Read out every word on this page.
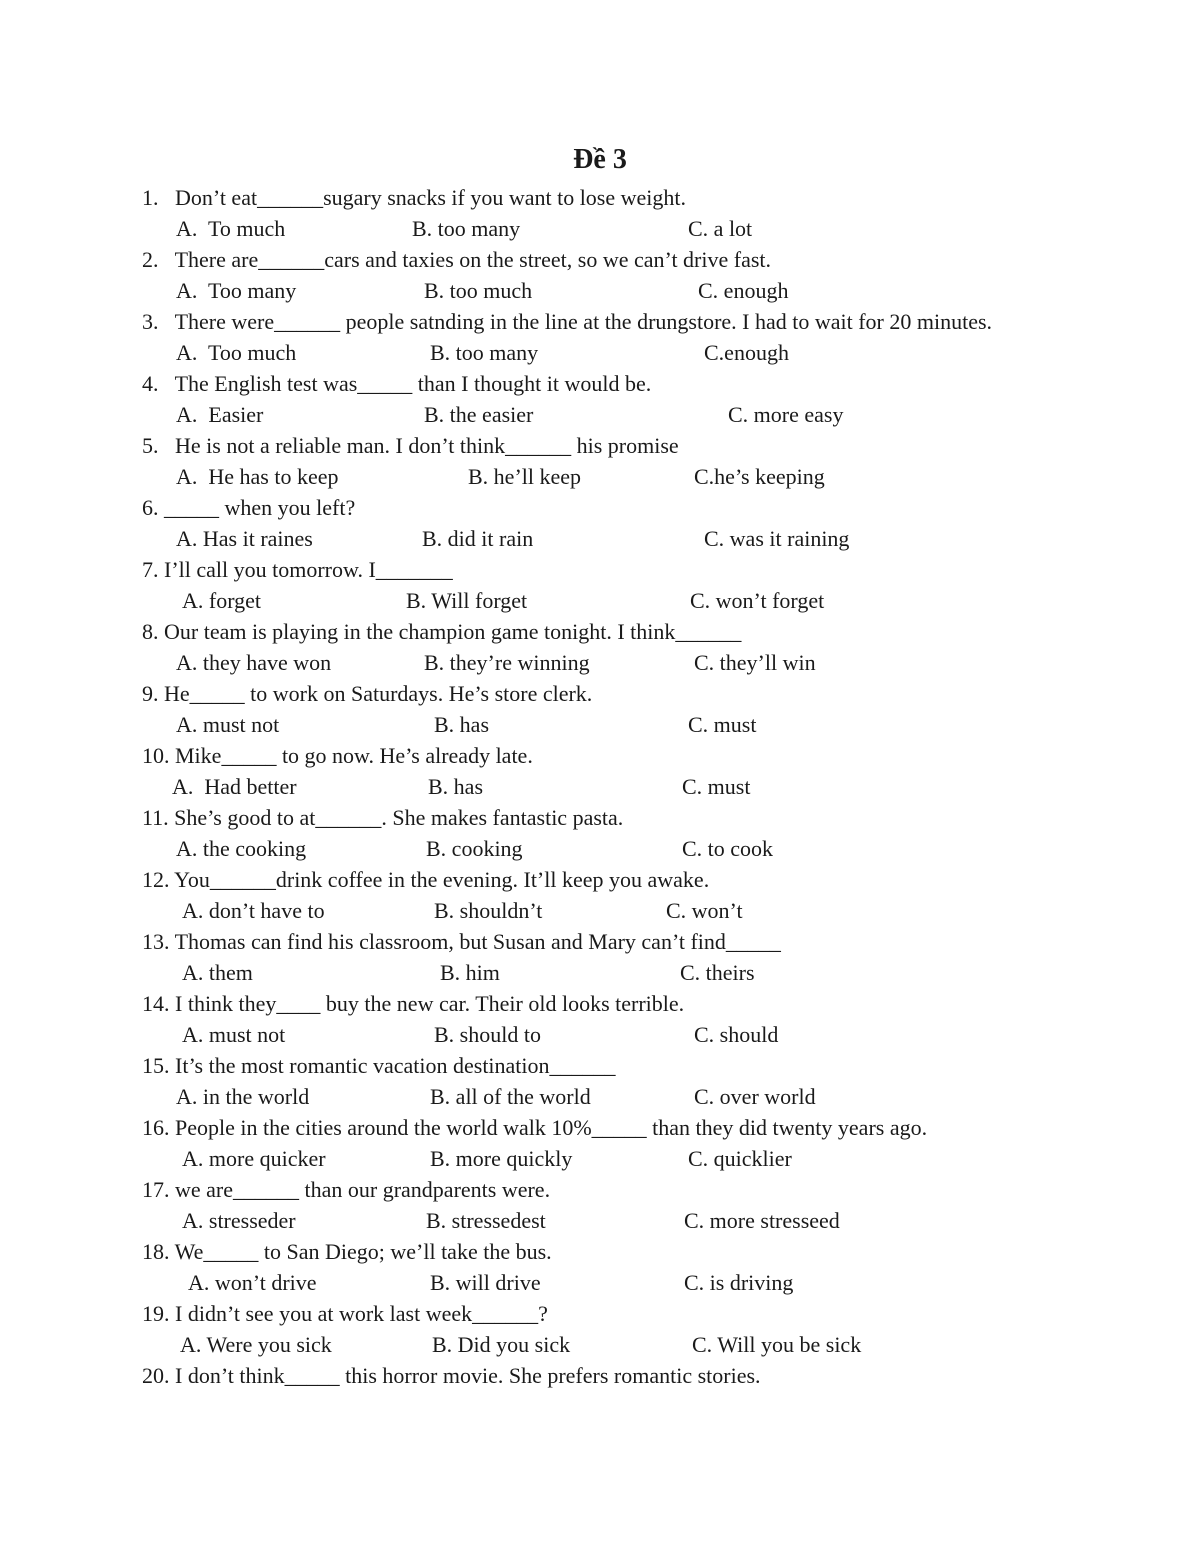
Đề 3
1.   Don’t eat______sugary snacks if you want to lose weight.
A.  To much	B. too many	C. a lot
2.   There are______cars and taxies on the street, so we can’t drive fast.
A.  Too many	B. too much	C. enough
3.   There were______ people satnding in the line at the drungstore. I had to wait for 20 minutes.
A.  Too much	B. too many	C.enough
4.   The English test was_____ than I thought it would be.
A.  Easier	B. the easier	C. more easy
5.   He is not a reliable man. I don’t think______ his promise
A.  He has to keep	B. he’ll keep	C.he’s keeping
6. _____ when you left?
A. Has it raines	B. did it rain	C. was it raining
7. I’ll call you tomorrow. I_______
A. forget	B. Will forget	C. won’t forget
8. Our team is playing in the champion game tonight. I think______
A. they have won	B. they’re winning	C. they’ll win
9. He_____ to work on Saturdays. He’s store clerk.
A. must not	B. has	C. must
10. Mike_____ to go now. He’s already late.
A.  Had better	B. has	C. must
11. She’s good to at______. She makes fantastic pasta.
A. the cooking	B. cooking	C. to cook
12. You______drink coffee in the evening. It’ll keep you awake.
A. don’t have to	B. shouldn’t	C. won’t
13. Thomas can find his classroom, but Susan and Mary can’t find_____
A. them	B. him	C. theirs
14. I think they____ buy the new car. Their old looks terrible.
A. must not	B. should to	C. should
15. It’s the most romantic vacation destination______
A. in the world	B. all of the world	C. over world
16. People in the cities around the world walk 10%_____ than they did twenty years ago.
A. more quicker	B. more quickly	C. quicklier
17. we are______ than our grandparents were.
A. stresseder	B. stressedest	C. more stresseed
18. We_____ to San Diego; we’ll take the bus.
A. won’t drive	B. will drive	C. is driving
19. I didn’t see you at work last week______?
A. Were you sick	B. Did you sick	C. Will you be sick
20. I don’t think_____ this horror movie. She prefers romantic stories.
